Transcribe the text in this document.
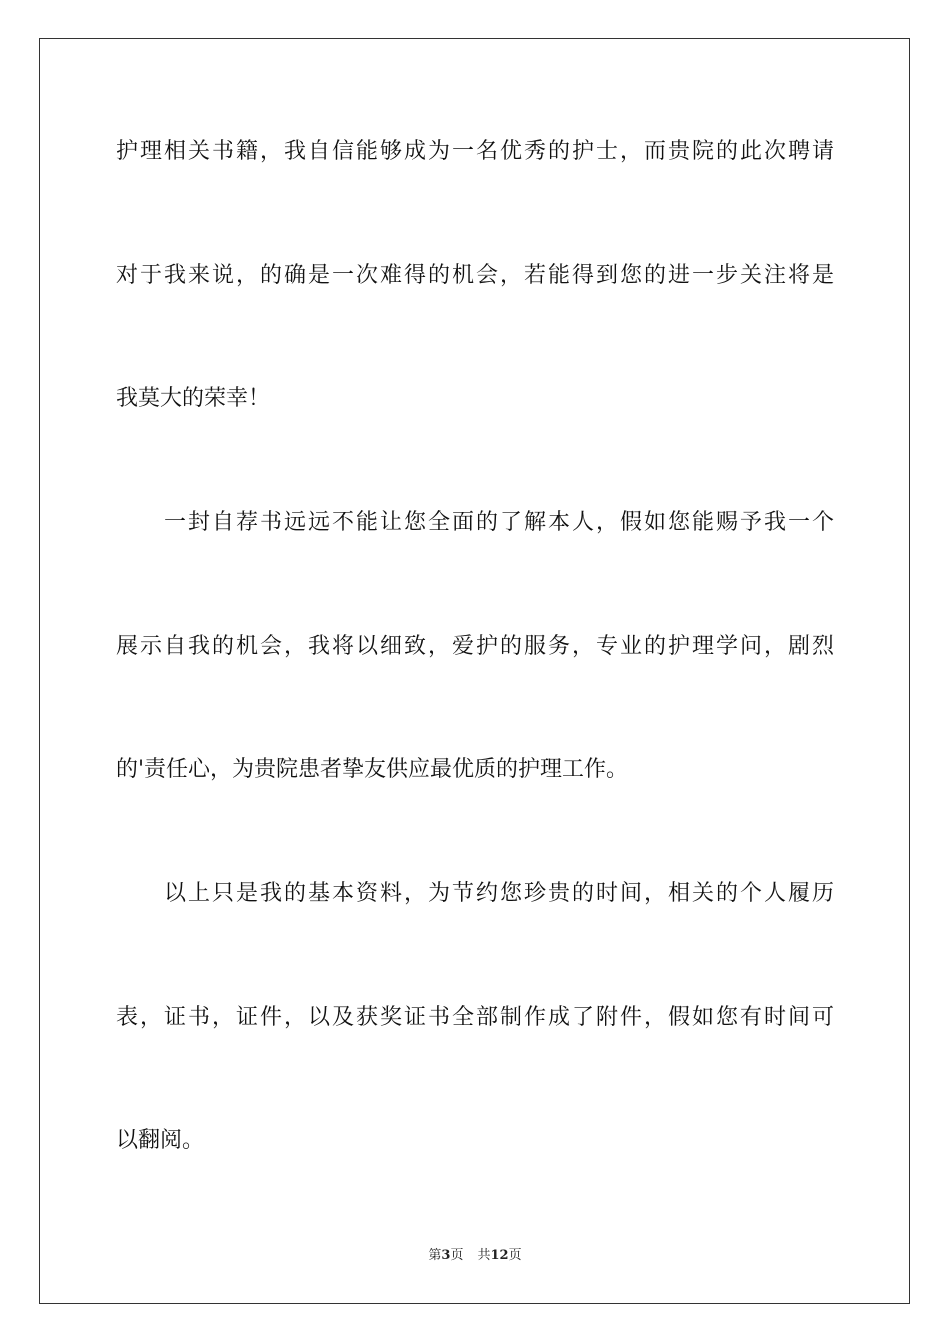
护理相关书籍，我自信能够成为一名优秀的护士，而贵院的此次聘请
对于我来说，的确是一次难得的机会，若能得到您的进一步关注将是
我莫大的荣幸！
　　一封自荐书远远不能让您全面的了解本人，假如您能赐予我一个
展示自我的机会，我将以细致，爱护的服务，专业的护理学问，剧烈
的'责任心，为贵院患者挚友供应最优质的护理工作。
　　以上只是我的基本资料，为节约您珍贵的时间，相关的个人履历
表，证书，证件，以及获奖证书全部制作成了附件，假如您有时间可
以翻阅。
第3页 共12页
